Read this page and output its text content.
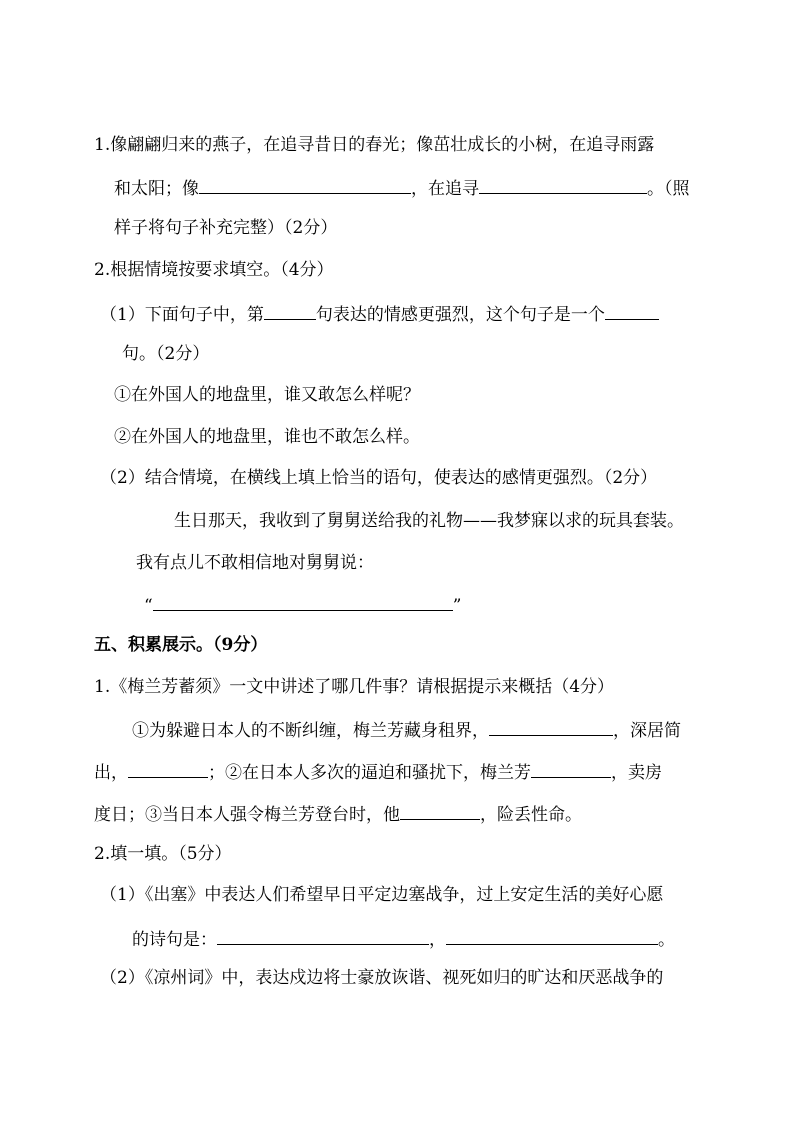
1.像翩翩归来的燕子，在追寻昔日的春光；像茁壮成长的小树，在追寻雨露
和太阳；像	，在追寻	。（照
样子将句子补充完整）（2分）
2.根据情境按要求填空。（4分）
（1）下面句子中，第	句表达的情感更强烈，这个句子是一个
句。（2分）
①在外国人的地盘里，谁又敢怎么样呢？
②在外国人的地盘里，谁也不敢怎么样。
（2）结合情境，在横线上填上恰当的语句，使表达的感情更强烈。（2分）
生日那天，我收到了舅舅送给我的礼物——我梦寐以求的玩具套装。
我有点儿不敢相信地对舅舅说：
“	”
五、积累展示。（9分）
1.《梅兰芳蓄须》一文中讲述了哪几件事？请根据提示来概括（4分）
①为躲避日本人的不断纠缠，梅兰芳藏身租界，	，深居简
出，	；②在日本人多次的逼迫和骚扰下，梅兰芳	，卖房
度日；③当日本人强令梅兰芳登台时，他	，险丢性命。
2.填一填。（5分）
（1）《出塞》中表达人们希望早日平定边塞战争，过上安定生活的美好心愿
的诗句是：	，	。
（2）《凉州词》中，表达戍边将士豪放诙谐、视死如归的旷达和厌恶战争的
